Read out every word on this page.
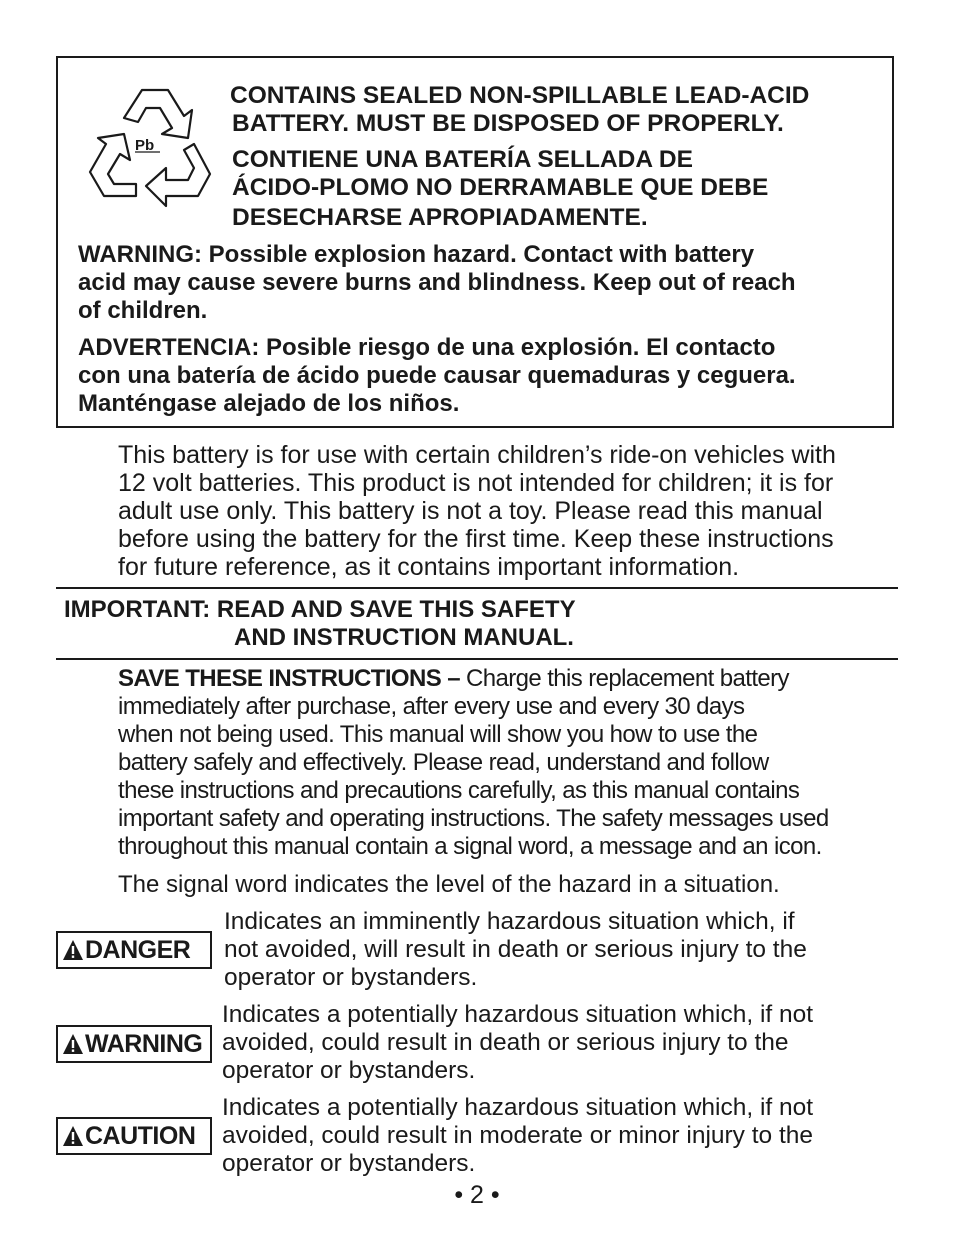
Pb
CONTAINS SEALED NON-SPILLABLE LEAD-ACID
BATTERY. MUST BE DISPOSED OF PROPERLY.
CONTIENE UNA BATERÍA SELLADA DE
ÁCIDO-PLOMO NO DERRAMABLE QUE DEBE
DESECHARSE APROPIADAMENTE.
WARNING: Possible explosion hazard. Contact with battery
acid may cause severe burns and blindness. Keep out of reach
of children.
ADVERTENCIA: Posible riesgo de una explosión. El contacto
con una batería de ácido puede causar quemaduras y ceguera.
Manténgase alejado de los niños.
This battery is for use with certain children’s ride-on vehicles with
12 volt batteries. This product is not intended for children; it is for
adult use only. This battery is not a toy. Please read this manual
before using the battery for the first time. Keep these instructions
for future reference, as it contains important information.
IMPORTANT: READ AND SAVE THIS SAFETY
AND INSTRUCTION MANUAL.
SAVE THESE INSTRUCTIONS – Charge this replacement battery
immediately after purchase, after every use and every 30 days
when not being used. This manual will show you how to use the
battery safely and effectively. Please read, understand and follow
these instructions and precautions carefully, as this manual contains
important safety and operating instructions. The safety messages used
throughout this manual contain a signal word, a message and an icon.
The signal word indicates the level of the hazard in a situation.
DANGER
Indicates an imminently hazardous situation which, if
not avoided, will result in death or serious injury to the
operator or bystanders.
WARNING
Indicates a potentially hazardous situation which, if not
avoided, could result in death or serious injury to the
operator or bystanders.
CAUTION
Indicates a potentially hazardous situation which, if not
avoided, could result in moderate or minor injury to the
operator or bystanders.
• 2 •
